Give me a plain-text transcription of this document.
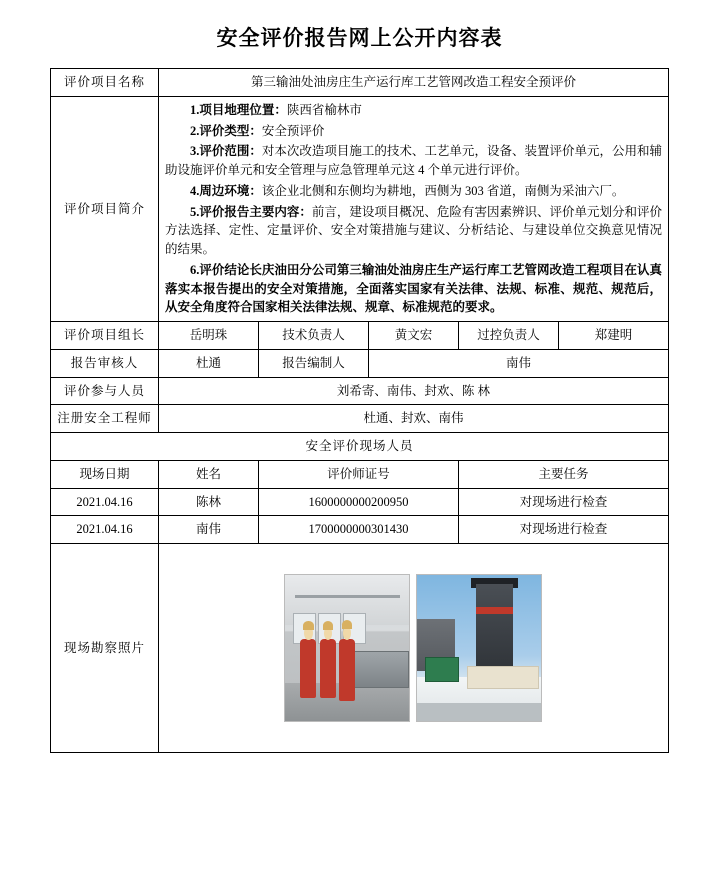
安全评价报告网上公开内容表
评价项目名称	第三输油处油房庄生产运行库工艺管网改造工程安全预评价				
评价项目简介	

1.项目地理位置：陕西省榆林市

2.评价类型：安全预评价

3.评价范围：对本次改造项目施工的技术、工艺单元，设备、装置评价单元，公用和辅助设施评价单元和安全管理与应急管理单元这 4 个单元进行评价。

4.周边环境：该企业北侧和东侧均为耕地，西侧为 303 省道，南侧为采油六厂。

5.评价报告主要内容：前言，建设项目概况、危险有害因素辨识、评价单元划分和评价方法选择、定性、定量评价、安全对策措施与建议、分析结论、与建设单位交换意见情况的结果。

6.评价结论长庆油田分公司第三输油处油房庄生产运行库工艺管网改造工程项目在认真落实本报告提出的安全对策措施，全面落实国家有关法律、法规、标准、规范、规范后，从安全角度符合国家相关法律法规、规章、标准规范的要求。

评价项目组长	岳明珠	技术负责人	黄文宏	过控负责人	郑建明
报告审核人	杜通	报告编制人	南伟		
评价参与人员	刘希寄、南伟、封欢、陈 林				
注册安全工程师	杜通、封欢、南伟				
安全评价现场人员					
现场日期	姓名	评价师证号		主要任务	
2021.04.16	陈林	1600000000200950		对现场进行检查	
2021.04.16	南伟	1700000000301430		对现场进行检查	
现场勘察照片					
